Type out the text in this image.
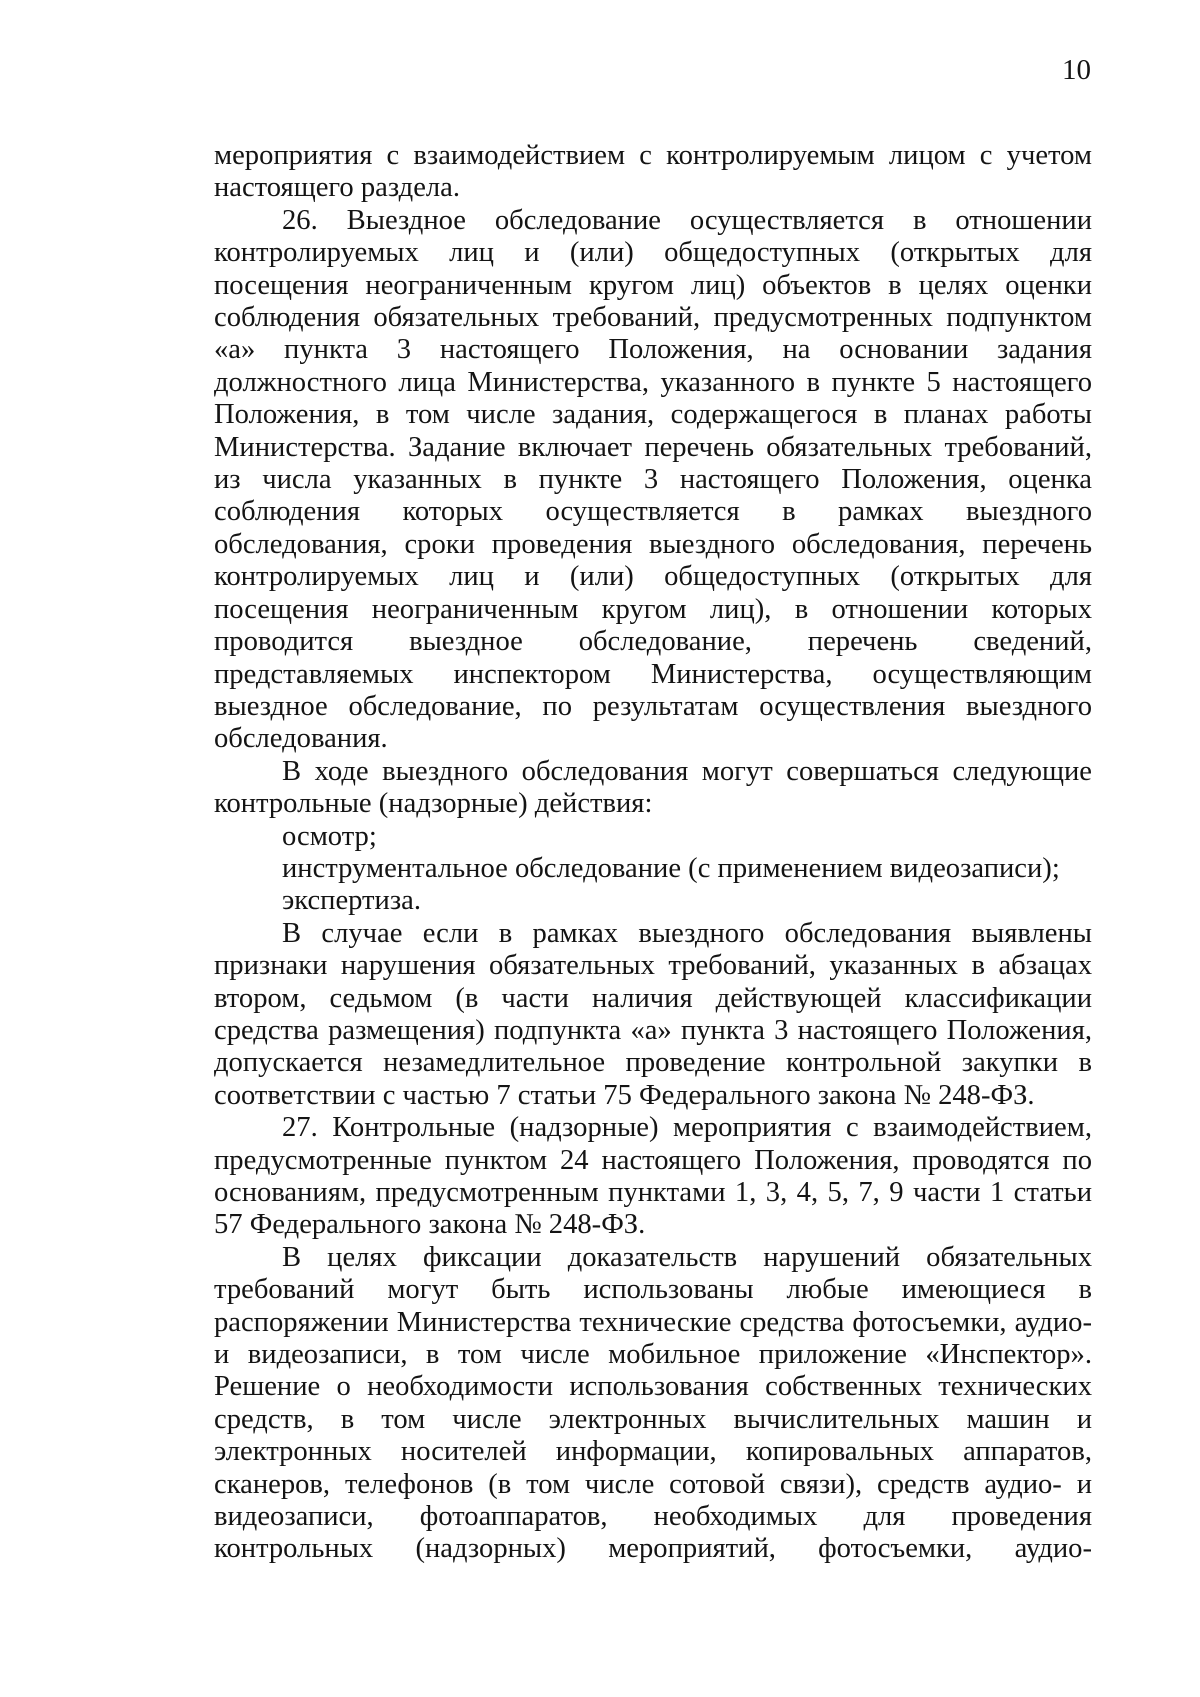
10

мероприятия с взаимодействием с контролируемым лицом с учетом настоящего раздела.

26. Выездное обследование осуществляется в отношении контролируемых лиц и (или) общедоступных (открытых для посещения неограниченным кругом лиц) объектов в целях оценки соблюдения обязательных требований, предусмотренных подпунктом «а» пункта 3 настоящего Положения, на основании задания должностного лица Министерства, указанного в пункте 5 настоящего Положения, в том числе задания, содержащегося в планах работы Министерства. Задание включает перечень обязательных требований, из числа указанных в пункте 3 настоящего Положения, оценка соблюдения которых осуществляется в рамках выездного обследования, сроки проведения выездного обследования, перечень контролируемых лиц и (или) общедоступных (открытых для посещения неограниченным кругом лиц), в отношении которых проводится выездное обследование, перечень сведений, представляемых инспектором Министерства, осуществляющим выездное обследование, по результатам осуществления выездного обследования.

В ходе выездного обследования могут совершаться следующие контрольные (надзорные) действия:

осмотр;

инструментальное обследование (с применением видеозаписи);

экспертиза.

В случае если в рамках выездного обследования выявлены признаки нарушения обязательных требований, указанных в абзацах втором, седьмом (в части наличия действующей классификации средства размещения) подпункта «а» пункта 3 настоящего Положения, допускается незамедлительное проведение контрольной закупки в соответствии с частью 7 статьи 75 Федерального закона № 248-ФЗ.

27. Контрольные (надзорные) мероприятия с взаимодействием, предусмотренные пунктом 24 настоящего Положения, проводятся по основаниям, предусмотренным пунктами 1, 3, 4, 5, 7, 9 части 1 статьи 57 Федерального закона № 248-ФЗ.

В целях фиксации доказательств нарушений обязательных требований могут быть использованы любые имеющиеся в распоряжении Министерства технические средства фотосъемки, аудио- и видеозаписи, в том числе мобильное приложение «Инспектор». Решение о необходимости использования собственных технических средств, в том числе электронных вычислительных машин и электронных носителей информации, копировальных аппаратов, сканеров, телефонов (в том числе сотовой связи), средств аудио- и видеозаписи, фотоаппаратов, необходимых для проведения контрольных (надзорных) мероприятий, фотосъемки, аудио-
